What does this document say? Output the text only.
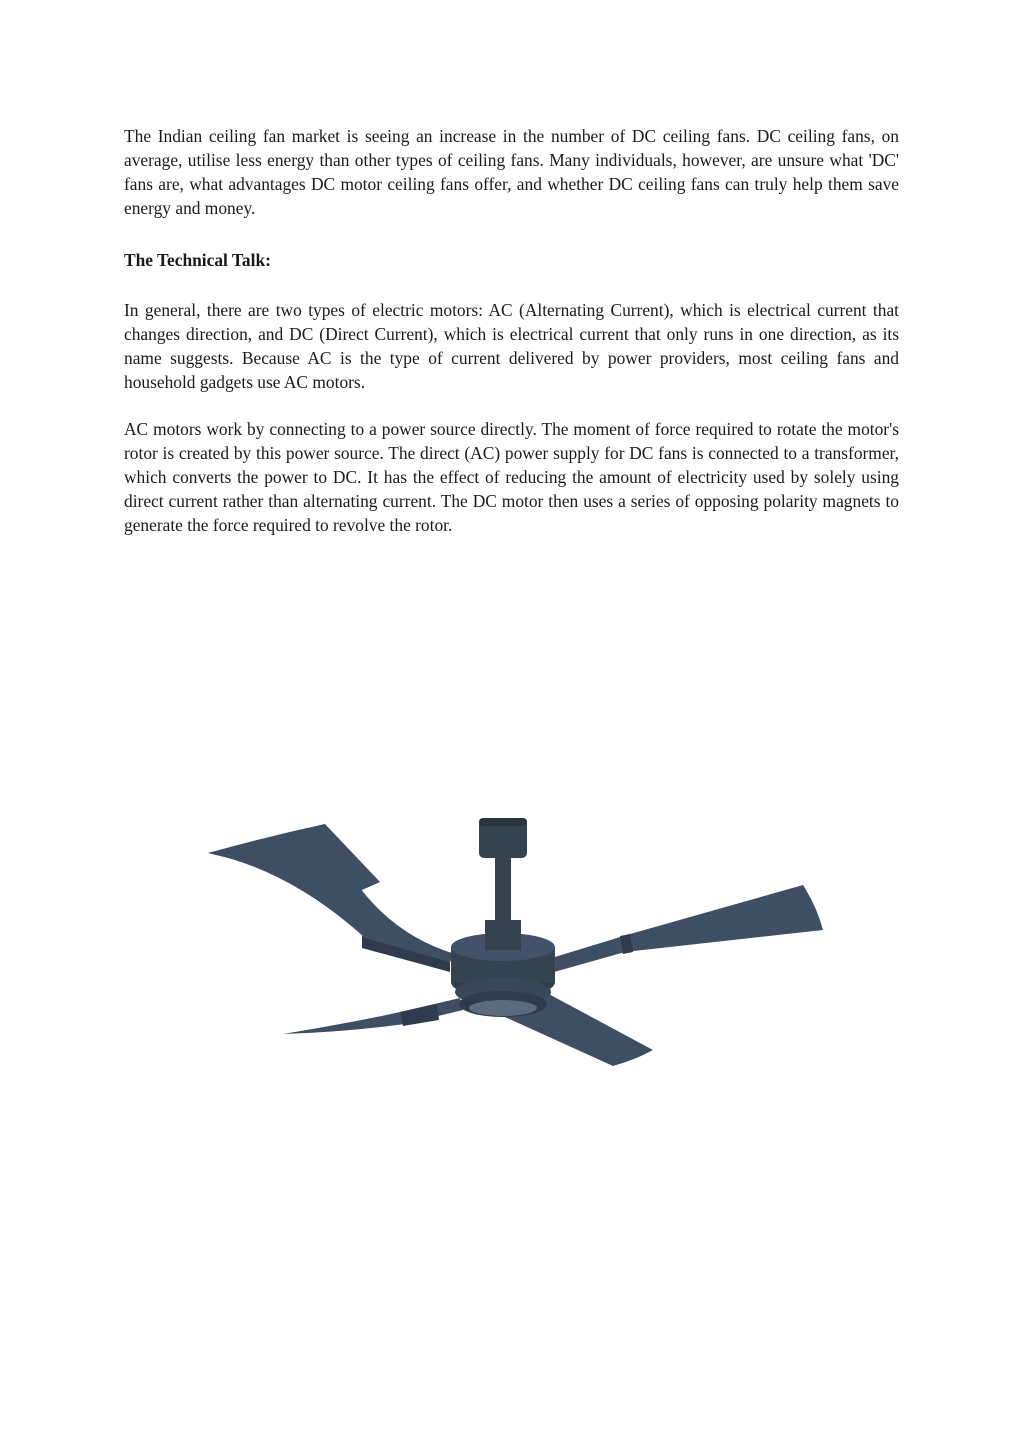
The Indian ceiling fan market is seeing an increase in the number of DC ceiling fans. DC ceiling fans, on average, utilise less energy than other types of ceiling fans. Many individuals, however, are unsure what 'DC' fans are, what advantages DC motor ceiling fans offer, and whether DC ceiling fans can truly help them save energy and money.

The Technical Talk:

In general, there are two types of electric motors: AC (Alternating Current), which is electrical current that changes direction, and DC (Direct Current), which is electrical current that only runs in one direction, as its name suggests. Because AC is the type of current delivered by power providers, most ceiling fans and household gadgets use AC motors.

AC motors work by connecting to a power source directly. The moment of force required to rotate the motor's rotor is created by this power source. The direct (AC) power supply for DC fans is connected to a transformer, which converts the power to DC. It has the effect of reducing the amount of electricity used by solely using direct current rather than alternating current. The DC motor then uses a series of opposing polarity magnets to generate the force required to revolve the rotor.
